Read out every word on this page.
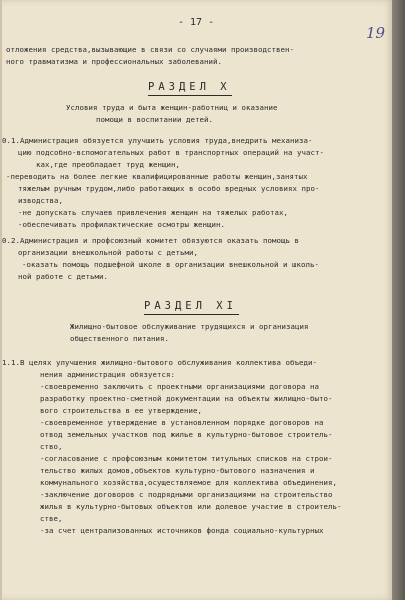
- 17 -
19
отложения средства,вызывающие в связи со случаями производствен-
ного травматизма и профессиональных заболеваний.
Условия труда и быта женщин-работниц и оказание
помощи в воспитании детей.
0.1.Администрация обязуется улучшить условия труда,внедрить механиза-
цию подсобно-вспомогательных работ в транспортных операций на участ-
ках,где преобладает труд женщин,
-переводить на более легкие квалифицированные работы женщин,занятых
тяжелым ручным трудом,либо работающих в особо вредных условиях про-
изводства,
-не допускать случаев привлечения женщин на тяжелых работах,
-обеспечивать профилактические осмотры женщин.
0.2.Администрация и профсоюзный комитет обязуются оказать помощь в
организации внешкольной работы с детьми,
-оказать помощь подшефной школе в организации внешкольной и школь-
ной работе с детьми.
Жилищно-бытовое обслуживание трудящихся и организация
общественного питания.
1.1.В целях улучшения жилищно-бытового обслуживания коллектива объеди-
нения администрация обязуется:
-своевременно заключить с проектными организациями договора на
разработку проектно-сметной документации на объекты жилищно-быто-
вого строительства в ее утверждение,
-своевременное утверждение в установленном порядке договоров на
отвод земельных участков под жилье в культурно-бытовое строитель-
ство,
-согласование с профсоюзным комитетом титульных списков на строи-
тельство жилых домов,объектов культурно-бытового назначения и
коммунального хозяйства,осуществляемое для коллектива объединения,
-заключение договоров с подрядными организациями на строительство
жилья в культурно-бытовых объектов или долевое участие в строитель-
стве,
-за счет централизованных источников фонда социально-культурных
РАЗДЕЛ X
РАЗДЕЛ XI
